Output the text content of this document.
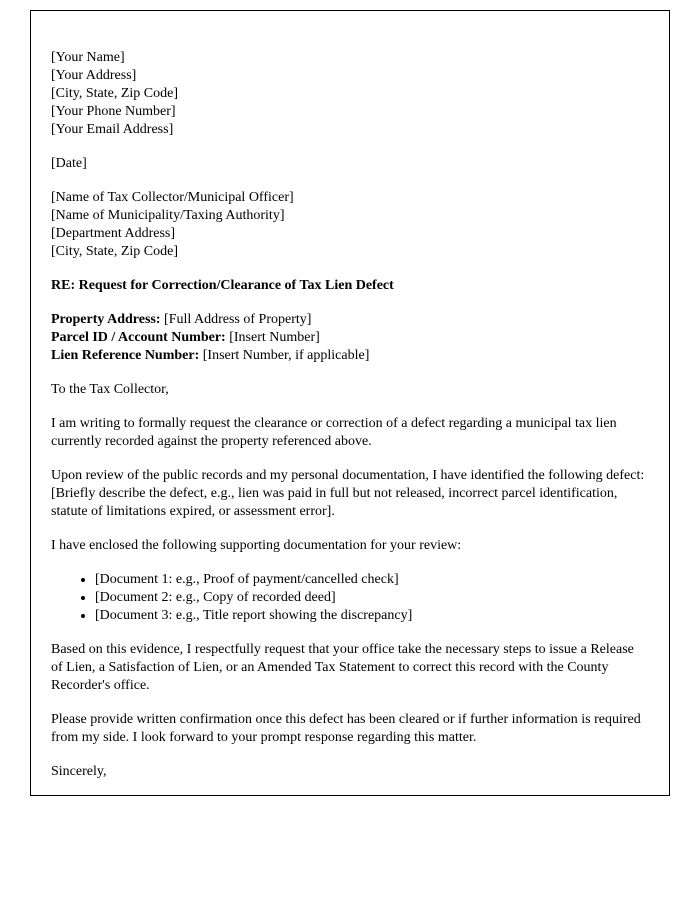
[Your Name]
[Your Address]
[City, State, Zip Code]
[Your Phone Number]
[Your Email Address]
[Date]
[Name of Tax Collector/Municipal Officer]
[Name of Municipality/Taxing Authority]
[Department Address]
[City, State, Zip Code]

RE: Request for Correction/Clearance of Tax Lien Defect

Property Address: [Full Address of Property]
Parcel ID / Account Number: [Insert Number]
Lien Reference Number: [Insert Number, if applicable]

To the Tax Collector,

I am writing to formally request the clearance or correction of a defect regarding a municipal tax lien currently recorded against the property referenced above.

Upon review of the public records and my personal documentation, I have identified the following defect: [Briefly describe the defect, e.g., lien was paid in full but not released, incorrect parcel identification, statute of limitations expired, or assessment error].

I have enclosed the following supporting documentation for your review:

• [Document 1: e.g., Proof of payment/cancelled check]
• [Document 2: e.g., Copy of recorded deed]
• [Document 3: e.g., Title report showing the discrepancy]

Based on this evidence, I respectfully request that your office take the necessary steps to issue a Release of Lien, a Satisfaction of Lien, or an Amended Tax Statement to correct this record with the County Recorder's office.

Please provide written confirmation once this defect has been cleared or if further information is required from my side. I look forward to your prompt response regarding this matter.

Sincerely,
